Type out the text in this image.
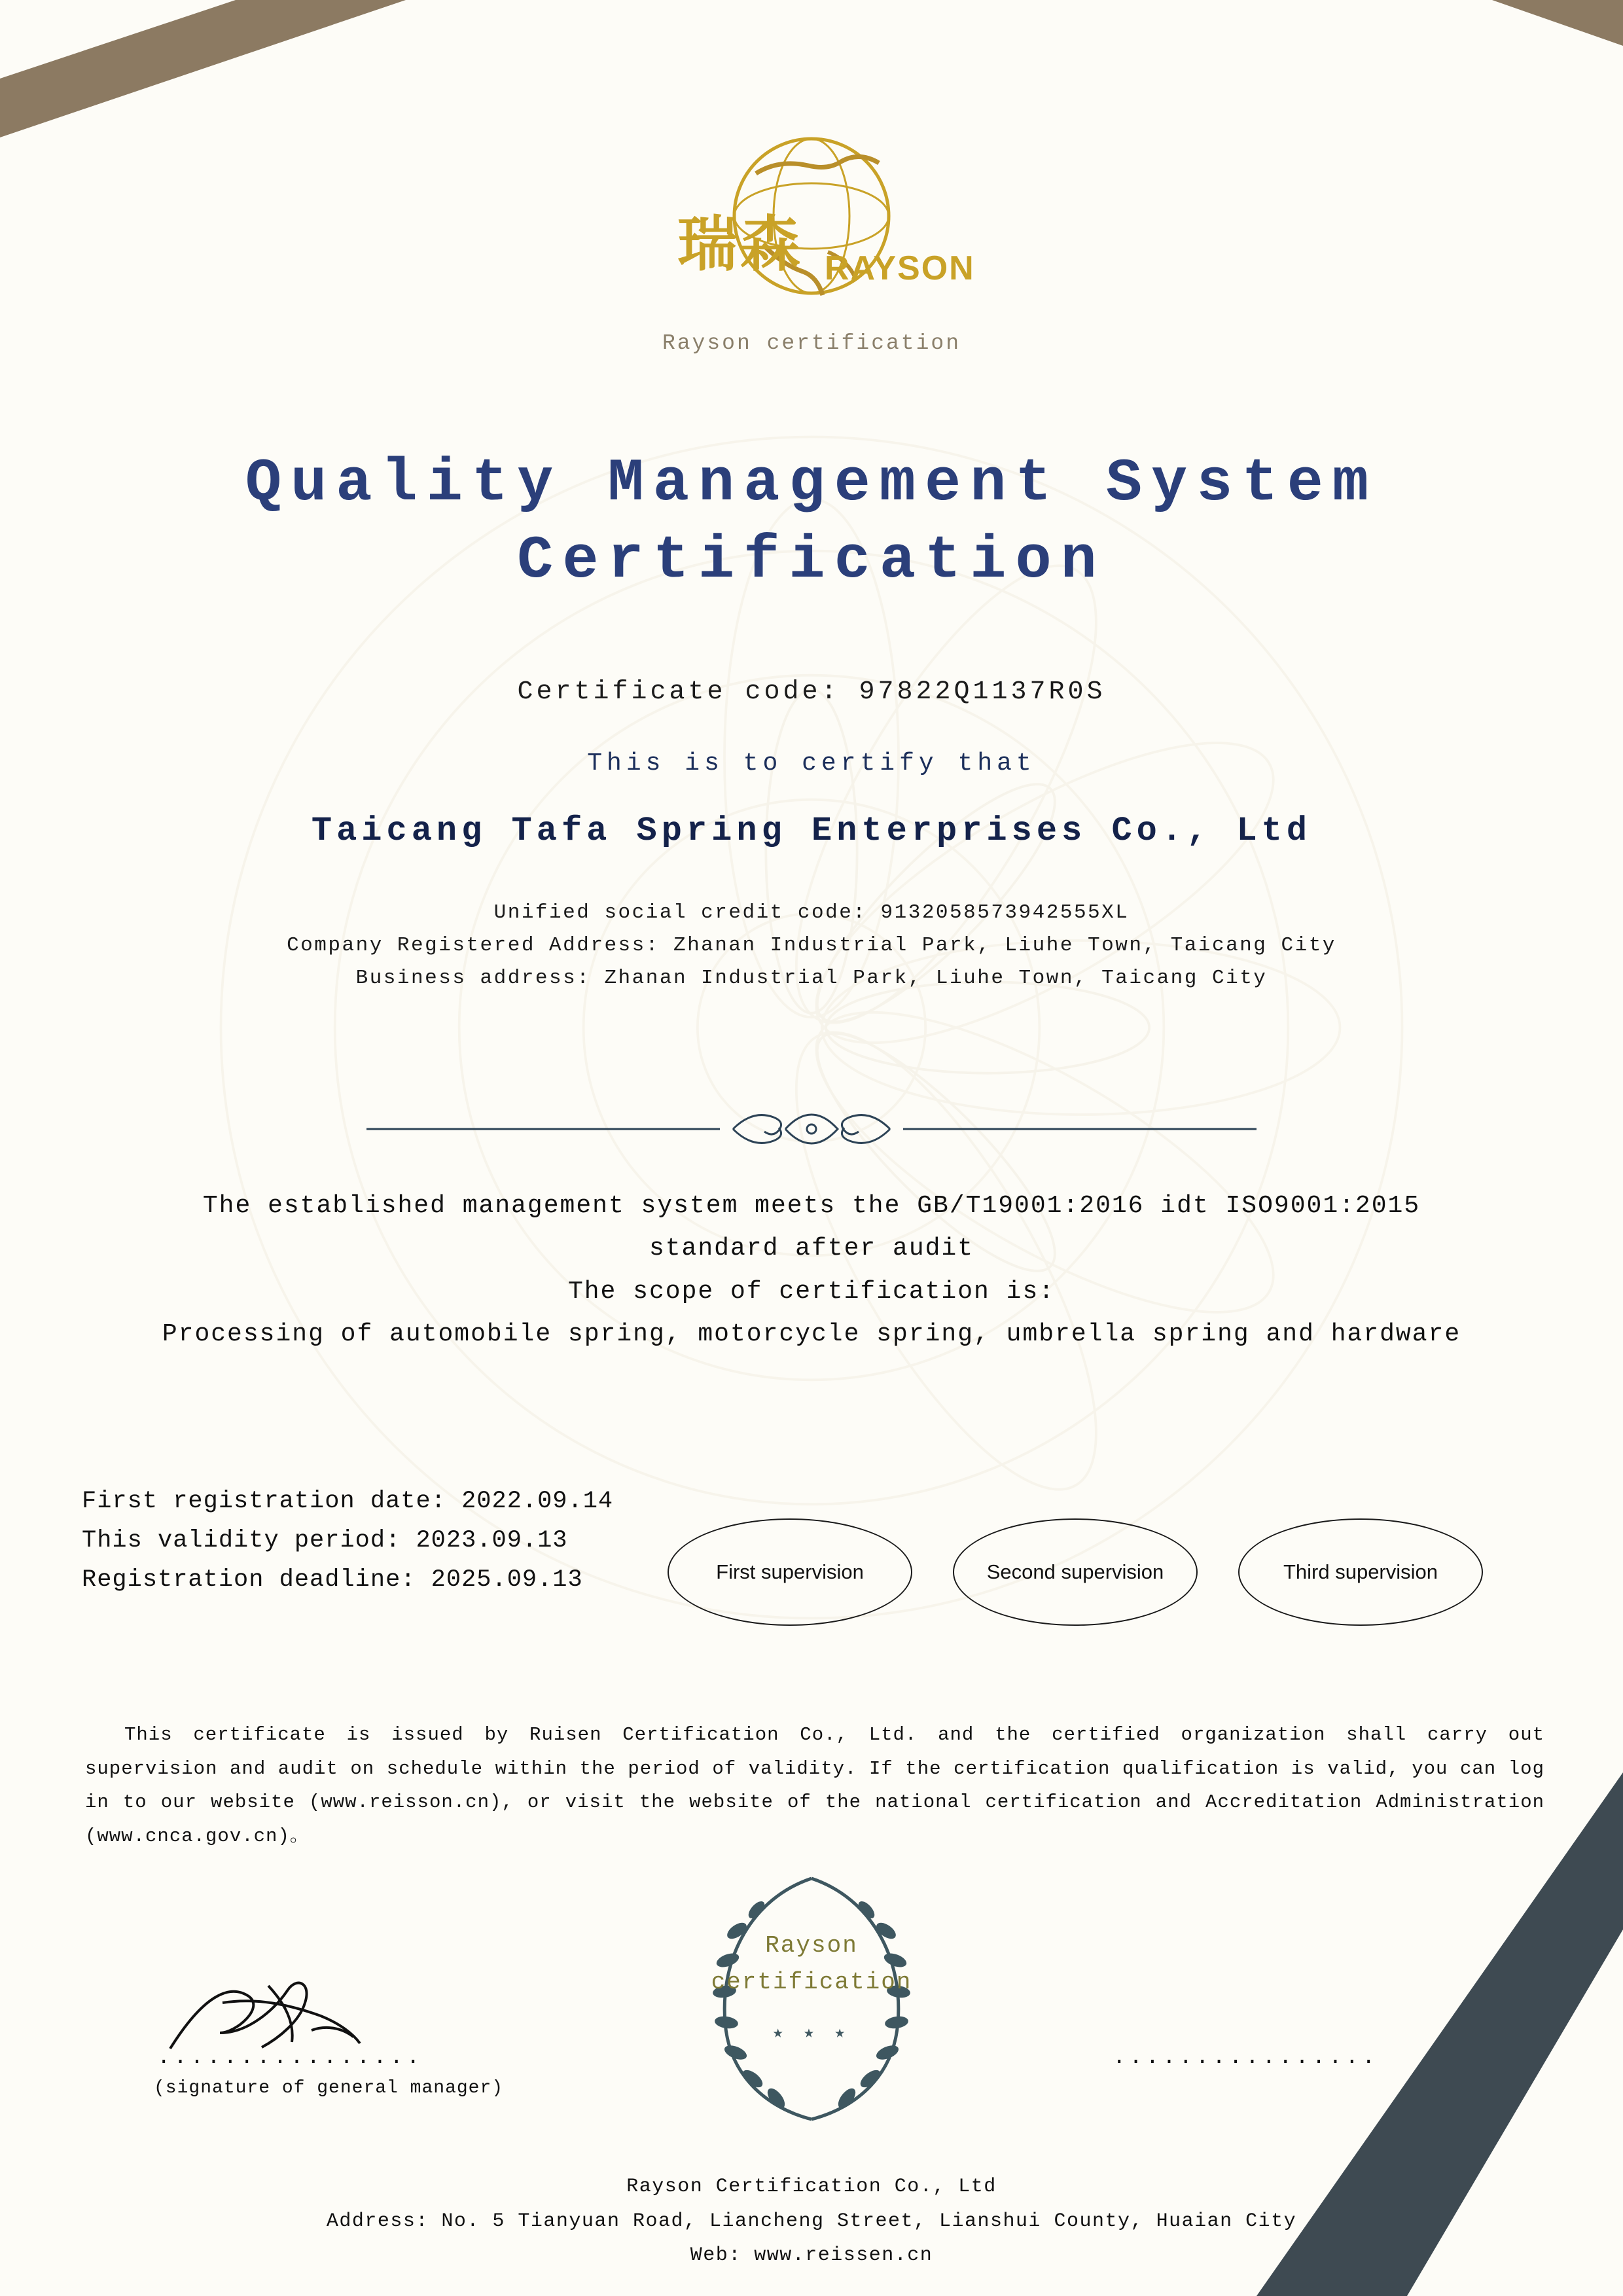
瑞森 RAYSON
Rayson certification
Quality Management System
Certification
Certificate code: 97822Q1137R0S
This is to certify that
Taicang Tafa Spring Enterprises Co., Ltd
Unified social credit code: 9132058573942555XL
Company Registered Address: Zhanan Industrial Park, Liuhe Town, Taicang City
Business address: Zhanan Industrial Park, Liuhe Town, Taicang City
The established management system meets the GB/T19001:2016 idt ISO9001:2015
standard after audit
The scope of certification is:
Processing of automobile spring, motorcycle spring, umbrella spring and hardware
First registration date: 2022.09.14
This validity period: 2023.09.13
Registration deadline: 2025.09.13	First supervision	Second supervision	Third supervision
This certificate is issued by Ruisen Certification Co., Ltd. and the certified organization shall carry out supervision and audit on schedule within the period of validity. If the certification qualification is valid, you can log in to our website (www.reisson.cn), or visit the website of the national certification and Accreditation Administration (www.cnca.gov.cn)。
Rayson
certification
★ ★ ★
................
(signature of general manager)
................
Rayson Certification Co., Ltd
Address: No. 5 Tianyuan Road, Liancheng Street, Lianshui County, Huaian City
Web: www.reissen.cn
